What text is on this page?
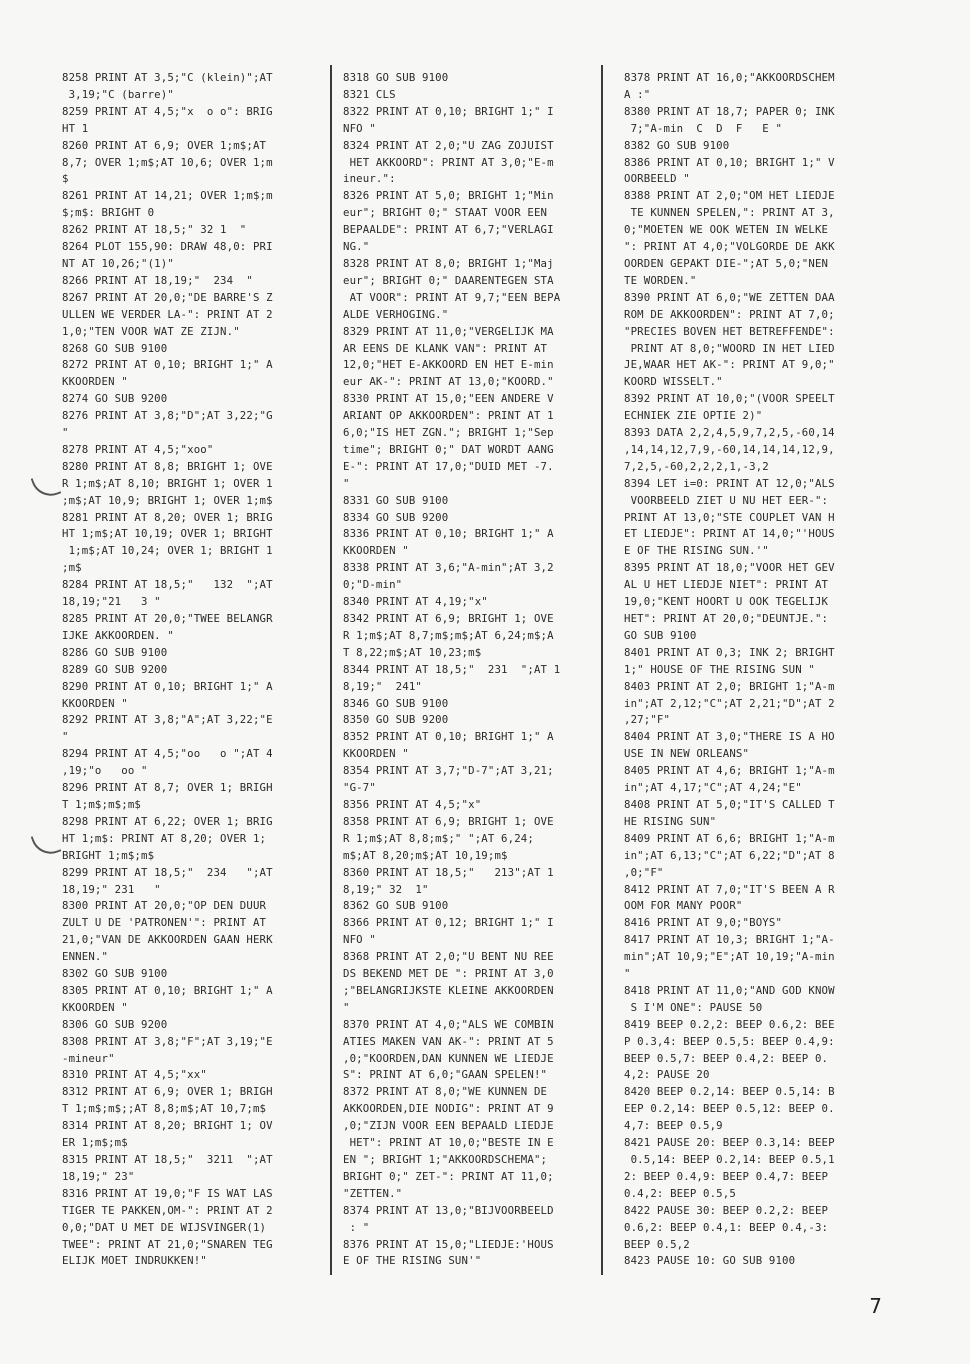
8258 PRINT AT 3,5;"C (klein)";AT
3,19;"C (barre)"
8259 PRINT AT 4,5;"x  o o": BRIG
HT 1
8260 PRINT AT 6,9; OVER 1;m$;AT
8,7; OVER 1;m$;AT 10,6; OVER 1;m
$
8261 PRINT AT 14,21; OVER 1;m$;m
$;m$: BRIGHT 0
8262 PRINT AT 18,5;" 32 1  "
8264 PLOT 155,90: DRAW 48,0: PRI
NT AT 10,26;"(1)"
8266 PRINT AT 18,19;"  234  "
8267 PRINT AT 20,0;"DE BARRE'S Z
ULLEN WE VERDER LA-": PRINT AT 2
1,0;"TEN VOOR WAT ZE ZIJN."
8268 GO SUB 9100
8272 PRINT AT 0,10; BRIGHT 1;" A
KKOORDEN "
8274 GO SUB 9200
8276 PRINT AT 3,8;"D";AT 3,22;"G
"
8278 PRINT AT 4,5;"xoo"
8280 PRINT AT 8,8; BRIGHT 1; OVE
R 1;m$;AT 8,10; BRIGHT 1; OVER 1
;m$;AT 10,9; BRIGHT 1; OVER 1;m$
8281 PRINT AT 8,20; OVER 1; BRIG
HT 1;m$;AT 10,19; OVER 1; BRIGHT
1;m$;AT 10,24; OVER 1; BRIGHT 1
;m$
8284 PRINT AT 18,5;"   132  ";AT
18,19;"21   3 "
8285 PRINT AT 20,0;"TWEE BELANGR
IJKE AKKOORDEN. "
8286 GO SUB 9100
8289 GO SUB 9200
8290 PRINT AT 0,10; BRIGHT 1;" A
KKOORDEN "
8292 PRINT AT 3,8;"A";AT 3,22;"E
"
8294 PRINT AT 4,5;"oo   o ";AT 4
,19;"o   oo "
8296 PRINT AT 8,7; OVER 1; BRIGH
T 1;m$;m$;m$
8298 PRINT AT 6,22; OVER 1; BRIG
HT 1;m$: PRINT AT 8,20; OVER 1;
BRIGHT 1;m$;m$
8299 PRINT AT 18,5;"  234   ";AT
18,19;" 231   "
8300 PRINT AT 20,0;"OP DEN DUUR
ZULT U DE 'PATRONEN'": PRINT AT
21,0;"VAN DE AKKOORDEN GAAN HERK
ENNEN."
8302 GO SUB 9100
8305 PRINT AT 0,10; BRIGHT 1;" A
KKOORDEN "
8306 GO SUB 9200
8308 PRINT AT 3,8;"F";AT 3,19;"E
-mineur"
8310 PRINT AT 4,5;"xx"
8312 PRINT AT 6,9; OVER 1; BRIGH
T 1;m$;m$;;AT 8,8;m$;AT 10,7;m$
8314 PRINT AT 8,20; BRIGHT 1; OV
ER 1;m$;m$
8315 PRINT AT 18,5;"  3211  ";AT
18,19;" 23"
8316 PRINT AT 19,0;"F IS WAT LAS
TIGER TE PAKKEN,OM-": PRINT AT 2
0,0;"DAT U MET DE WIJSVINGER(1)
TWEE": PRINT AT 21,0;"SNAREN TEG
ELIJK MOET INDRUKKEN!"
8318 GO SUB 9100
8321 CLS
8322 PRINT AT 0,10; BRIGHT 1;" I
NFO "
8324 PRINT AT 2,0;"U ZAG ZOJUIST
HET AKKOORD": PRINT AT 3,0;"E-m
ineur.":
8326 PRINT AT 5,0; BRIGHT 1;"Min
eur"; BRIGHT 0;" STAAT VOOR EEN
BEPAALDE": PRINT AT 6,7;"VERLAGI
NG."
8328 PRINT AT 8,0; BRIGHT 1;"Maj
eur"; BRIGHT 0;" DAARENTEGEN STA
AT VOOR": PRINT AT 9,7;"EEN BEPA
ALDE VERHOGING."
8329 PRINT AT 11,0;"VERGELIJK MA
AR EENS DE KLANK VAN": PRINT AT
12,0;"HET E-AKKOORD EN HET E-min
eur AK-": PRINT AT 13,0;"KOORD."
8330 PRINT AT 15,0;"EEN ANDERE V
ARIANT OP AKKOORDEN": PRINT AT 1
6,0;"IS HET ZGN."; BRIGHT 1;"Sep
time"; BRIGHT 0;" DAT WORDT AANG
E-": PRINT AT 17,0;"DUID MET -7.
"
8331 GO SUB 9100
8334 GO SUB 9200
8336 PRINT AT 0,10; BRIGHT 1;" A
KKOORDEN "
8338 PRINT AT 3,6;"A-min";AT 3,2
0;"D-min"
8340 PRINT AT 4,19;"x"
8342 PRINT AT 6,9; BRIGHT 1; OVE
R 1;m$;AT 8,7;m$;m$;AT 6,24;m$;A
T 8,22;m$;AT 10,23;m$
8344 PRINT AT 18,5;"  231  ";AT 1
8,19;"  241"
8346 GO SUB 9100
8350 GO SUB 9200
8352 PRINT AT 0,10; BRIGHT 1;" A
KKOORDEN "
8354 PRINT AT 3,7;"D-7";AT 3,21;
"G-7"
8356 PRINT AT 4,5;"x"
8358 PRINT AT 6,9; BRIGHT 1; OVE
R 1;m$;AT 8,8;m$;" ";AT 6,24;
m$;AT 8,20;m$;AT 10,19;m$
8360 PRINT AT 18,5;"   213";AT 1
8,19;" 32  1"
8362 GO SUB 9100
8366 PRINT AT 0,12; BRIGHT 1;" I
NFO "
8368 PRINT AT 2,0;"U BENT NU REE
DS BEKEND MET DE ": PRINT AT 3,0
;"BELANGRIJKSTE KLEINE AKKOORDEN
"
8370 PRINT AT 4,0;"ALS WE COMBIN
ATIES MAKEN VAN AK-": PRINT AT 5
,0;"KOORDEN,DAN KUNNEN WE LIEDJE
S": PRINT AT 6,0;"GAAN SPELEN!"
8372 PRINT AT 8,0;"WE KUNNEN DE
AKKOORDEN,DIE NODIG": PRINT AT 9
,0;"ZIJN VOOR EEN BEPAALD LIEDJE
HET": PRINT AT 10,0;"BESTE IN E
EN "; BRIGHT 1;"AKKOORDSCHEMA";
BRIGHT 0;" ZET-": PRINT AT 11,0;
"ZETTEN."
8374 PRINT AT 13,0;"BIJVOORBEELD
: "
8376 PRINT AT 15,0;"LIEDJE:'HOUS
E OF THE RISING SUN'"
8378 PRINT AT 16,0;"AKKOORDSCHEM
A :"
8380 PRINT AT 18,7; PAPER 0; INK
7;"A-min  C  D  F   E "
8382 GO SUB 9100
8386 PRINT AT 0,10; BRIGHT 1;" V
OORBEELD "
8388 PRINT AT 2,0;"OM HET LIEDJE
TE KUNNEN SPELEN,": PRINT AT 3,
0;"MOETEN WE OOK WETEN IN WELKE
": PRINT AT 4,0;"VOLGORDE DE AKK
OORDEN GEPAKT DIE-";AT 5,0;"NEN
TE WORDEN."
8390 PRINT AT 6,0;"WE ZETTEN DAA
ROM DE AKKOORDEN": PRINT AT 7,0;
"PRECIES BOVEN HET BETREFFENDE":
PRINT AT 8,0;"WOORD IN HET LIED
JE,WAAR HET AK-": PRINT AT 9,0;"
KOORD WISSELT."
8392 PRINT AT 10,0;"(VOOR SPEELT
ECHNIEK ZIE OPTIE 2)"
8393 DATA 2,2,4,5,9,7,2,5,-60,14
,14,14,12,7,9,-60,14,14,14,12,9,
7,2,5,-60,2,2,2,1,-3,2
8394 LET i=0: PRINT AT 12,0;"ALS
VOORBEELD ZIET U NU HET EER-":
PRINT AT 13,0;"STE COUPLET VAN H
ET LIEDJE": PRINT AT 14,0;"'HOUS
E OF THE RISING SUN.'"
8395 PRINT AT 18,0;"VOOR HET GEV
AL U HET LIEDJE NIET": PRINT AT
19,0;"KENT HOORT U OOK TEGELIJK
HET": PRINT AT 20,0;"DEUNTJE.":
GO SUB 9100
8401 PRINT AT 0,3; INK 2; BRIGHT
1;" HOUSE OF THE RISING SUN "
8403 PRINT AT 2,0; BRIGHT 1;"A-m
in";AT 2,12;"C";AT 2,21;"D";AT 2
,27;"F"
8404 PRINT AT 3,0;"THERE IS A HO
USE IN NEW ORLEANS"
8405 PRINT AT 4,6; BRIGHT 1;"A-m
in";AT 4,17;"C";AT 4,24;"E"
8408 PRINT AT 5,0;"IT'S CALLED T
HE RISING SUN"
8409 PRINT AT 6,6; BRIGHT 1;"A-m
in";AT 6,13;"C";AT 6,22;"D";AT 8
,0;"F"
8412 PRINT AT 7,0;"IT'S BEEN A R
OOM FOR MANY POOR"
8416 PRINT AT 9,0;"BOYS"
8417 PRINT AT 10,3; BRIGHT 1;"A-
min";AT 10,9;"E";AT 10,19;"A-min
"
8418 PRINT AT 11,0;"AND GOD KNOW
S I'M ONE": PAUSE 50
8419 BEEP 0.2,2: BEEP 0.6,2: BEE
P 0.3,4: BEEP 0.5,5: BEEP 0.4,9:
BEEP 0.5,7: BEEP 0.4,2: BEEP 0.
4,2: PAUSE 20
8420 BEEP 0.2,14: BEEP 0.5,14: B
EEP 0.2,14: BEEP 0.5,12: BEEP 0.
4,7: BEEP 0.5,9
8421 PAUSE 20: BEEP 0.3,14: BEEP
0.5,14: BEEP 0.2,14: BEEP 0.5,1
2: BEEP 0.4,9: BEEP 0.4,7: BEEP
0.4,2: BEEP 0.5,5
8422 PAUSE 30: BEEP 0.2,2: BEEP
0.6,2: BEEP 0.4,1: BEEP 0.4,-3:
BEEP 0.5,2
8423 PAUSE 10: GO SUB 9100
7
